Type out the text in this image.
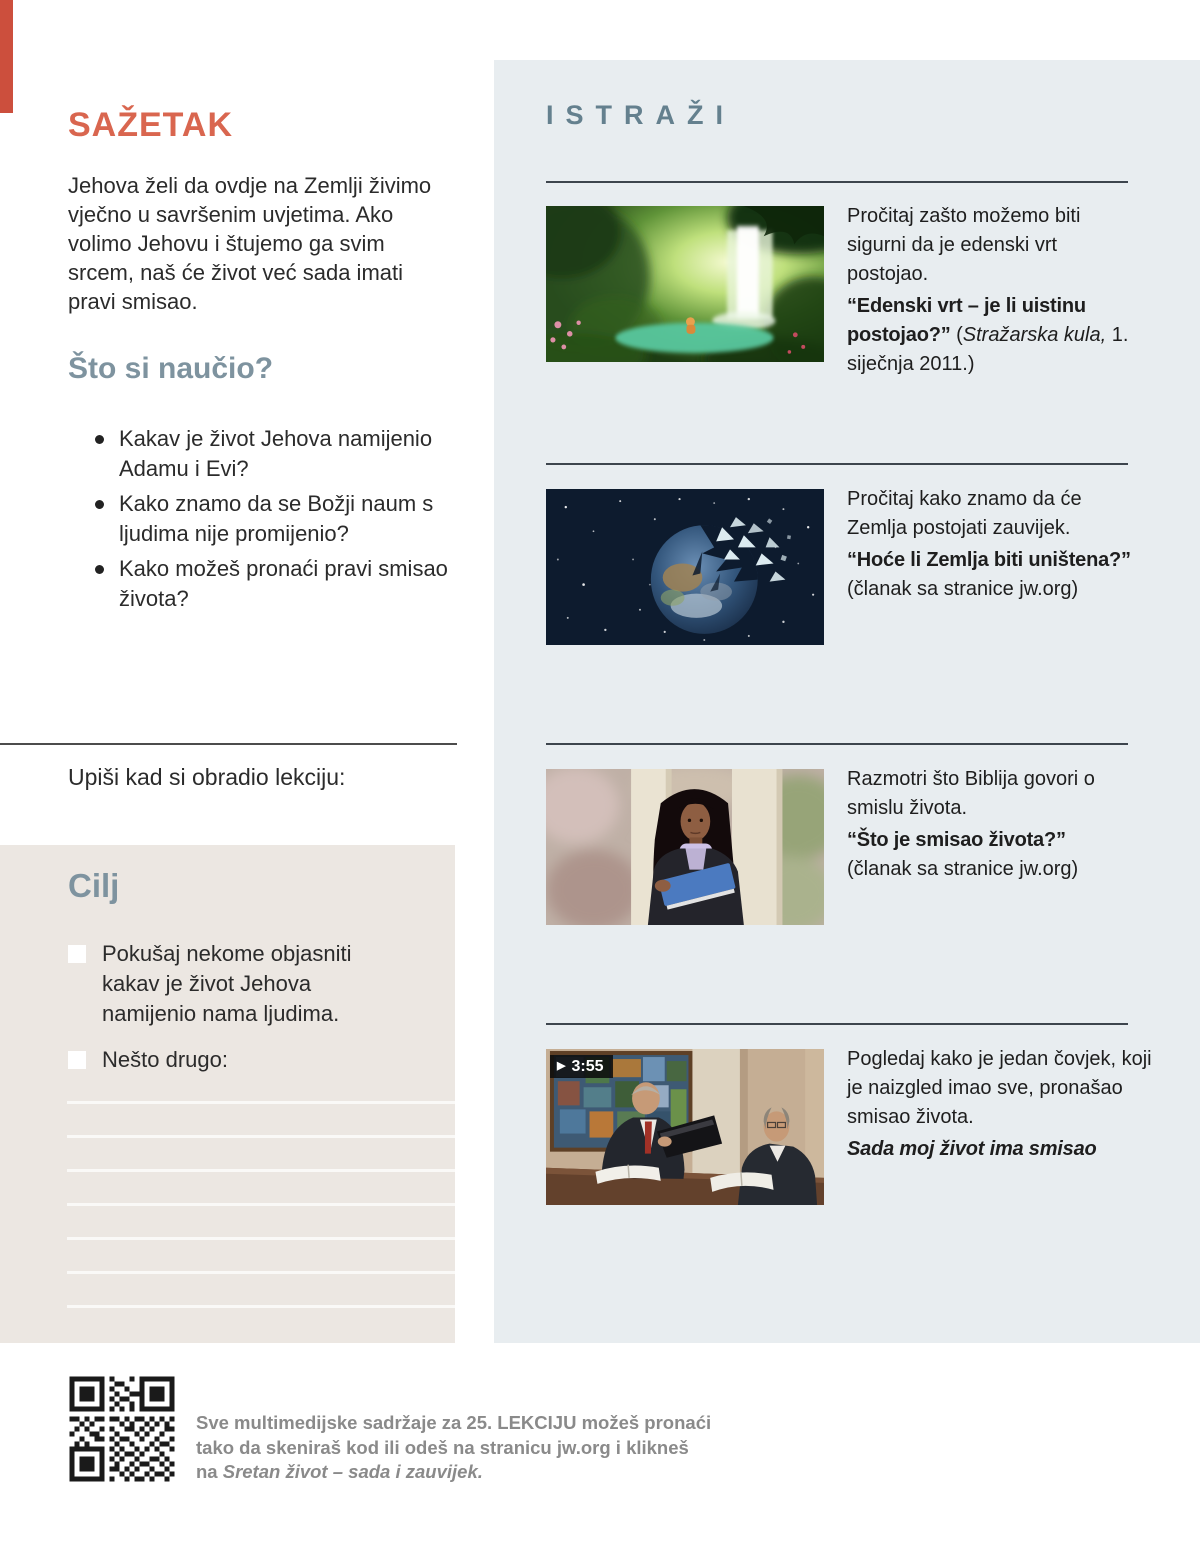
SAŽETAK

Jehova želi da ovdje na Zemlji živimo vječno u savršenim uvjetima. Ako volimo Jehovu i štujemo ga svim srcem, naš će život već sada imati pravi smisao.

Što si naučio?
Kakav je život Jehova namijenio Adamu i Evi?
Kako znamo da se Božji naum s ljudima nije promijenio?
Kako možeš pronaći pravi smisao života?

Upiši kad si obradio lekciju:

Cilj
Pokušaj nekome objasniti kakav je život Jehova namijenio nama ljudima.
Nešto drugo:
ISTRAŽI

Pročitaj zašto možemo biti sigurni da je edenski vrt postojao.

“Edenski vrt – je li uistinu postojao?” (Stražarska kula, 1. siječnja 2011.)

Pročitaj kako znamo da će Zemlja postojati zauvijek.

“Hoće li Zemlja biti uništena?”

(članak sa stranice jw.org)

Razmotri što Biblija govori o smislu života.

“Što je smisao života?”

(članak sa stranice jw.org)

▶ 3:55	Pogledaj kako je jedan čovjek, koji je naizgled imao sve, pronašao smisao života.

Sada moj život ima smisao

Sve multimedijske sadržaje za 25. LEKCIJU možeš pronaći
tako da skeniraš kod ili odeš na stranicu jw.org i klikneš
na Sretan život – sada i zauvijek.
